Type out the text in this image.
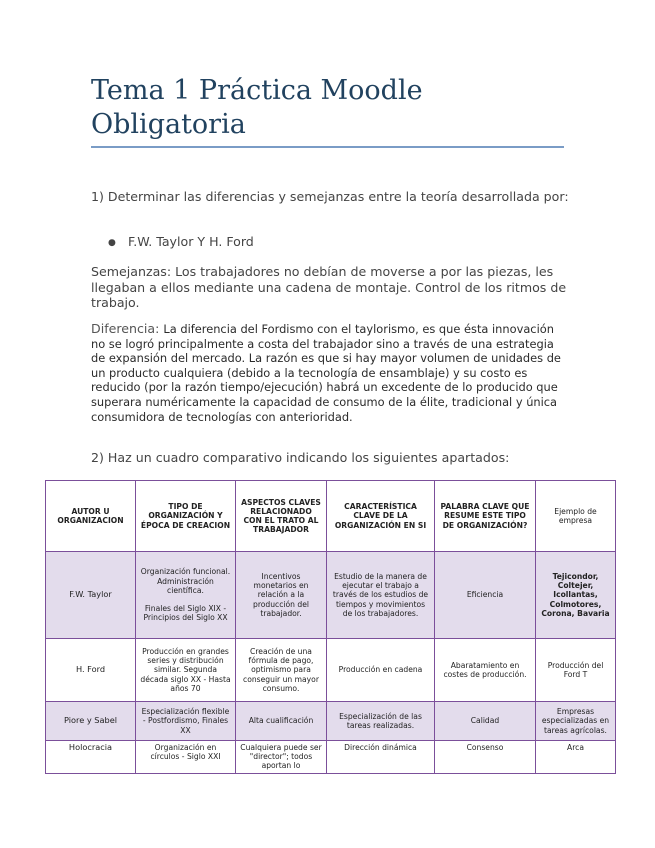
Tema 1 Práctica Moodle Obligatoria

1) Determinar las diferencias y semejanzas entre la teoría desarrollada por:

● F.W. Taylor Y H. Ford

Semejanzas: Los trabajadores no debían de moverse a por las piezas, les llegaban a ellos mediante una cadena de montaje. Control de los ritmos de trabajo.

Diferencia: La diferencia del Fordismo con el taylorismo, es que ésta innovación no se logró principalmente a costa del trabajador sino a través de una estrategia de expansión del mercado. La razón es que si hay mayor volumen de unidades de un producto cualquiera (debido a la tecnología de ensamblaje) y su costo es reducido (por la razón tiempo/ejecución) habrá un excedente de lo producido que superara numéricamente la capacidad de consumo de la élite, tradicional y única consumidora de tecnologías con anterioridad.

2) Haz un cuadro comparativo indicando los siguientes apartados:

AUTOR U ORGANIZACION	TIPO DE ORGANIZACIÓN Y ÉPOCA DE CREACION	ASPECTOS CLAVES RELACIONADO CON EL TRATO AL TRABAJADOR	CARACTERÍSTICA CLAVE DE LA ORGANIZACIÓN EN SI	PALABRA CLAVE QUE RESUME ESTE TIPO DE ORGANIZACIÓN?	Ejemplo de empresa
F.W. Taylor	Organización funcional. Administración científica.

Finales del Siglo XIX - Principios del Siglo XX	Incentivos monetarios en relación a la producción del trabajador.	Estudio de la manera de ejecutar el trabajo a través de los estudios de tiempos y movimientos de los trabajadores.	Eficiencia	Tejicondor, Coltejer, Icollantas, Colmotores, Corona, Bavaria
H. Ford	Producción en grandes series y distribución similar. Segunda década siglo XX - Hasta años 70	Creación de una fórmula de pago, optimismo para conseguir un mayor consumo.	Producción en cadena	Abaratamiento en costes de producción.	Producción del Ford T
Piore y Sabel	Especialización flexible - Postfordismo, Finales XX	Alta cualificación	Especialización de las tareas realizadas.	Calidad	Empresas especializadas en tareas agrícolas.
Holocracia	Organización en círculos - Siglo XXI	Cualquiera puede ser "director"; todos aportan lo	Dirección dinámica	Consenso	Arca
